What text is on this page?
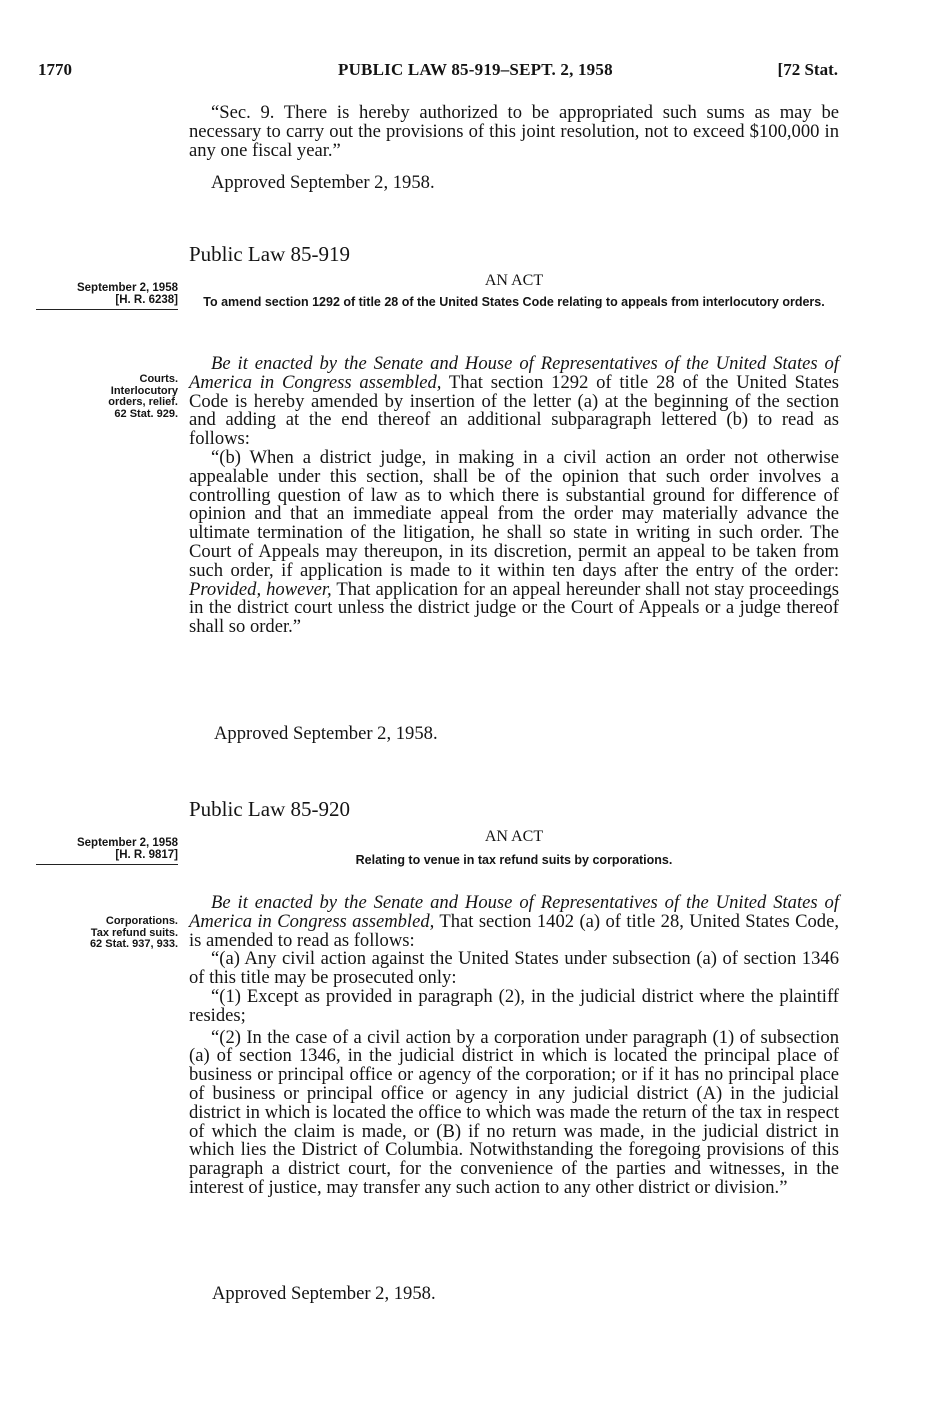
1770	PUBLIC LAW 85-919–SEPT. 2, 1958	[72 Stat.

“Sec. 9. There is hereby authorized to be appropriated such sums as may be necessary to carry out the provisions of this joint resolution, not to exceed $100,000 in any one fiscal year.”

Approved September 2, 1958.
Public Law 85-919
AN ACT
September 2, 1958
[H. R. 6238]	To amend section 1292 of title 28 of the United States Code relating to appeals from interlocutory orders.
Courts.
Interlocutory
orders, relief.
62 Stat. 929.

Be it enacted by the Senate and House of Representatives of the United States of America in Congress assembled, That section 1292 of title 28 of the United States Code is hereby amended by insertion of the letter (a) at the beginning of the section and adding at the end thereof an additional subparagraph lettered (b) to read as follows:

“(b) When a district judge, in making in a civil action an order not otherwise appealable under this section, shall be of the opinion that such order involves a controlling question of law as to which there is substantial ground for difference of opinion and that an immediate appeal from the order may materially advance the ultimate termination of the litigation, he shall so state in writing in such order. The Court of Appeals may thereupon, in its discretion, permit an appeal to be taken from such order, if application is made to it within ten days after the entry of the order: Provided, however, That application for an appeal hereunder shall not stay proceedings in the district court unless the district judge or the Court of Appeals or a judge thereof shall so order.”

Approved September 2, 1958.
Public Law 85-920
AN ACT
September 2, 1958
[H. R. 9817]	Relating to venue in tax refund suits by corporations.
Corporations.
Tax refund suits.
62 Stat. 937, 933.

Be it enacted by the Senate and House of Representatives of the United States of America in Congress assembled, That section 1402 (a) of title 28, United States Code, is amended to read as follows:

“(a) Any civil action against the United States under subsection (a) of section 1346 of this title may be prosecuted only:

“(1) Except as provided in paragraph (2), in the judicial district where the plaintiff resides;

“(2) In the case of a civil action by a corporation under paragraph (1) of subsection (a) of section 1346, in the judicial district in which is located the principal place of business or principal office or agency of the corporation; or if it has no principal place of business or principal office or agency in any judicial district (A) in the judicial district in which is located the office to which was made the return of the tax in respect of which the claim is made, or (B) if no return was made, in the judicial district in which lies the District of Columbia. Notwithstanding the foregoing provisions of this paragraph a district court, for the convenience of the parties and witnesses, in the interest of justice, may transfer any such action to any other district or division.”

Approved September 2, 1958.
